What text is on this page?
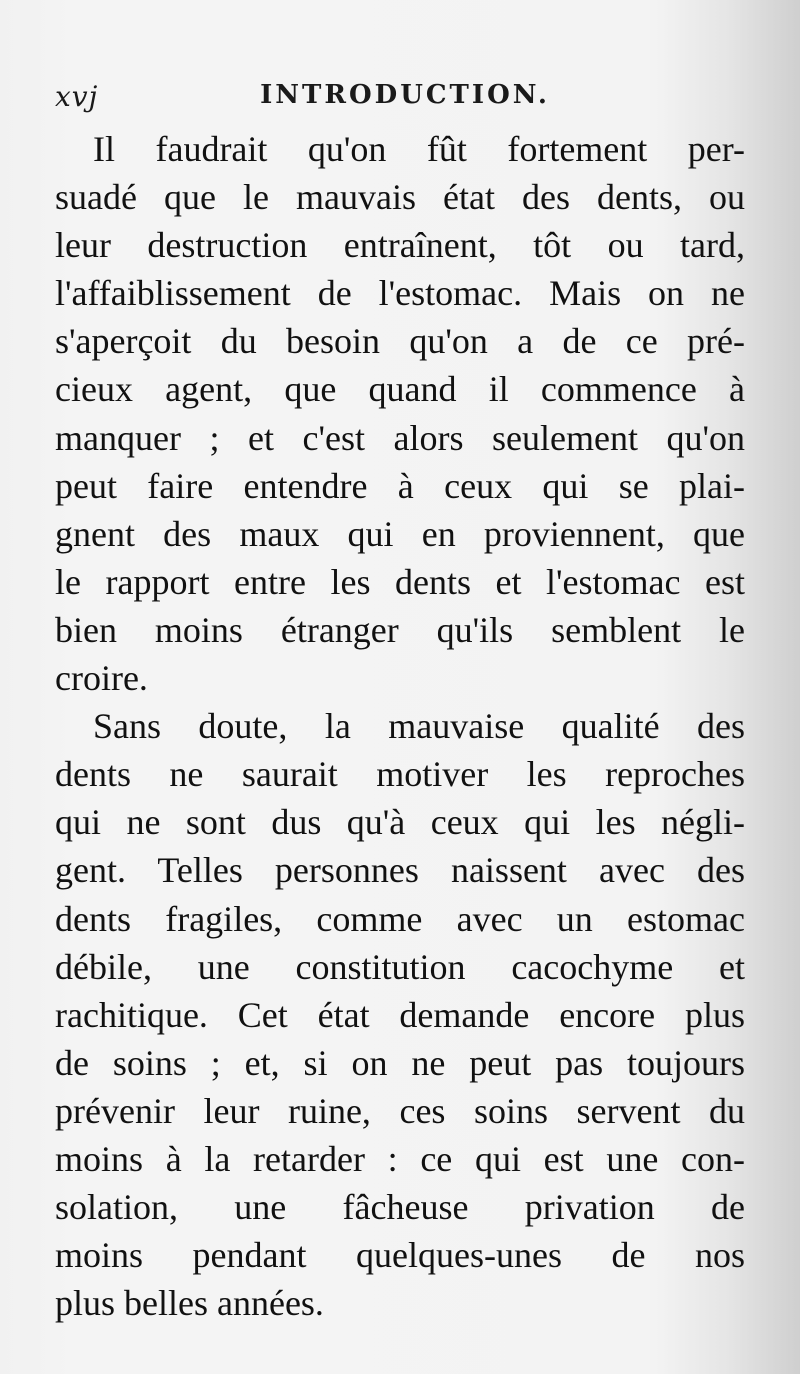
xvj	INTRODUCTION.
Il faudrait qu'on fût fortement per-
suadé que le mauvais état des dents, ou
leur destruction entraînent, tôt ou tard,
l'affaiblissement de l'estomac. Mais on ne
s'aperçoit du besoin qu'on a de ce pré-
cieux agent, que quand il commence à
manquer ; et c'est alors seulement qu'on
peut faire entendre à ceux qui se plai-
gnent des maux qui en proviennent, que
le rapport entre les dents et l'estomac est
bien moins étranger qu'ils semblent le
croire.
Sans doute, la mauvaise qualité des
dents ne saurait motiver les reproches
qui ne sont dus qu'à ceux qui les négli-
gent. Telles personnes naissent avec des
dents fragiles, comme avec un estomac
débile, une constitution cacochyme et
rachitique. Cet état demande encore plus
de soins ; et, si on ne peut pas toujours
prévenir leur ruine, ces soins servent du
moins à la retarder : ce qui est une con-
solation, une fâcheuse privation de
moins pendant quelques-unes de nos
plus belles années.
